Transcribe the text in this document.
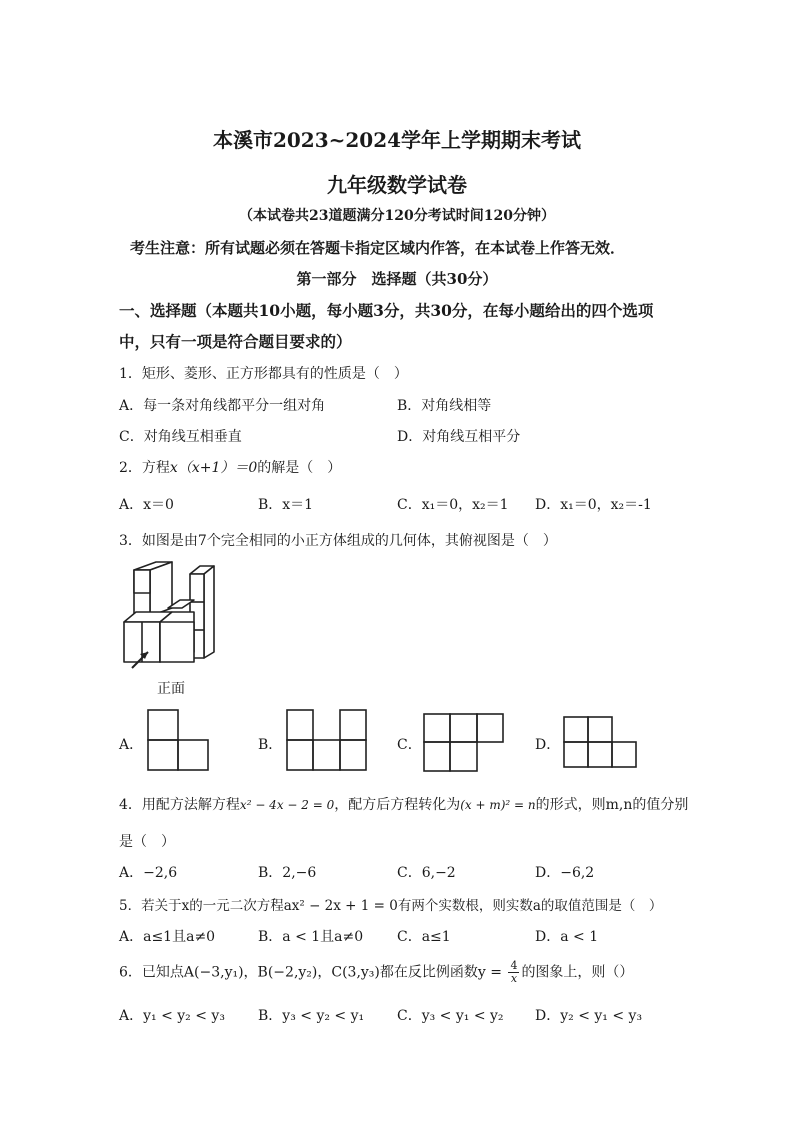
本溪市2023~2024学年上学期期末考试
九年级数学试卷
（本试卷共23道题满分120分考试时间120分钟）
考生注意：所有试题必须在答题卡指定区域内作答，在本试卷上作答无效．
第一部分　选择题（共30分）
一、选择题（本题共10小题，每小题3分，共30分，在每小题给出的四个选项
中，只有一项是符合题目要求的）
1．矩形、菱形、正方形都具有的性质是（　）
A．每一条对角线都平分一组对角	B．对角线相等
C．对角线互相垂直	D．对角线互相平分
2．方程x（x+1）＝0的解是（　）
A．x＝0	B．x＝1	C．x₁＝0，x₂＝1 D．x₁＝0，x₂＝-1
3．如图是由7个完全相同的小正方体组成的几何体，其俯视图是（　）
正面
A．	B．	C．	D．
4．用配方法解方程x² − 4x − 2 = 0，配方后方程转化为(x + m)² = n的形式，则m,n的值分别
是（　）
A．−2,6	B．2,−6	C．6,−2	D．−6,2
5．若关于x的一元二次方程ax² − 2x + 1 = 0有两个实数根，则实数a的取值范围是（　）
A．a≤1且a≠0	B．a < 1且a≠0 C．a≤1	D．a < 1
6．已知点A(−3,y₁)，B(−2,y₂)，C(3,y₃)都在反比例函数$y = \frac{4}{x}$ 的图象上，则（）
A．y₁ < y₂ < y₃ B．y₃ < y₂ < y₁ C．y₃ < y₁ < y₂ D．y₂ < y₁ < y₃
